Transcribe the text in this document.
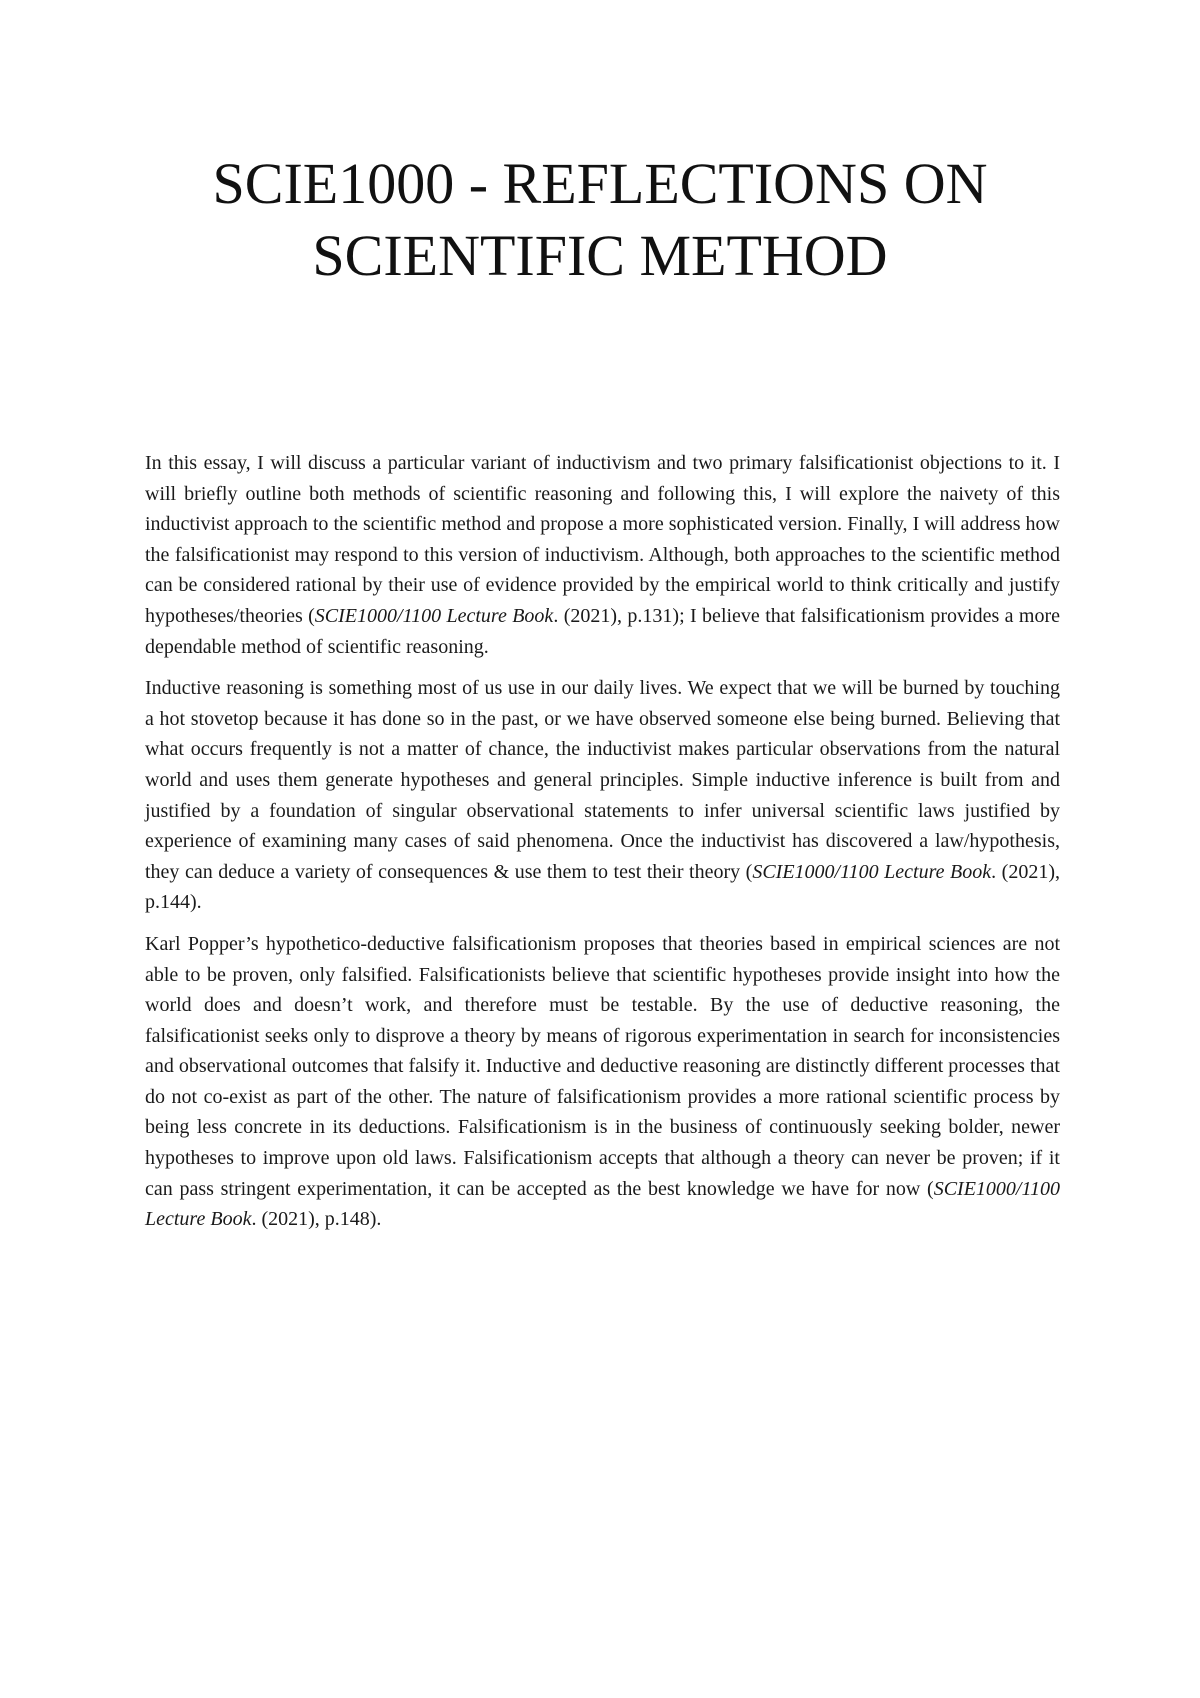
SCIE1000 - REFLECTIONS ON SCIENTIFIC METHOD

In this essay, I will discuss a particular variant of inductivism and two primary falsificationist objections to it. I will briefly outline both methods of scientific reasoning and following this, I will explore the naivety of this inductivist approach to the scientific method and propose a more sophisticated version. Finally, I will address how the falsificationist may respond to this version of inductivism. Although, both approaches to the scientific method can be considered rational by their use of evidence provided by the empirical world to think critically and justify hypotheses/theories (SCIE1000/1100 Lecture Book. (2021), p.131); I believe that falsificationism provides a more dependable method of scientific reasoning.

Inductive reasoning is something most of us use in our daily lives. We expect that we will be burned by touching a hot stovetop because it has done so in the past, or we have observed someone else being burned. Believing that what occurs frequently is not a matter of chance, the inductivist makes particular observations from the natural world and uses them generate hypotheses and general principles. Simple inductive inference is built from and justified by a foundation of singular observational statements to infer universal scientific laws justified by experience of examining many cases of said phenomena. Once the inductivist has discovered a law/hypothesis, they can deduce a variety of consequences & use them to test their theory (SCIE1000/1100 Lecture Book. (2021), p.144).

Karl Popper’s hypothetico-deductive falsificationism proposes that theories based in empirical sciences are not able to be proven, only falsified. Falsificationists believe that scientific hypotheses provide insight into how the world does and doesn’t work, and therefore must be testable. By the use of deductive reasoning, the falsificationist seeks only to disprove a theory by means of rigorous experimentation in search for inconsistencies and observational outcomes that falsify it. Inductive and deductive reasoning are distinctly different processes that do not co-exist as part of the other. The nature of falsificationism provides a more rational scientific process by being less concrete in its deductions. Falsificationism is in the business of continuously seeking bolder, newer hypotheses to improve upon old laws. Falsificationism accepts that although a theory can never be proven; if it can pass stringent experimentation, it can be accepted as the best knowledge we have for now (SCIE1000/1100 Lecture Book. (2021), p.148).
